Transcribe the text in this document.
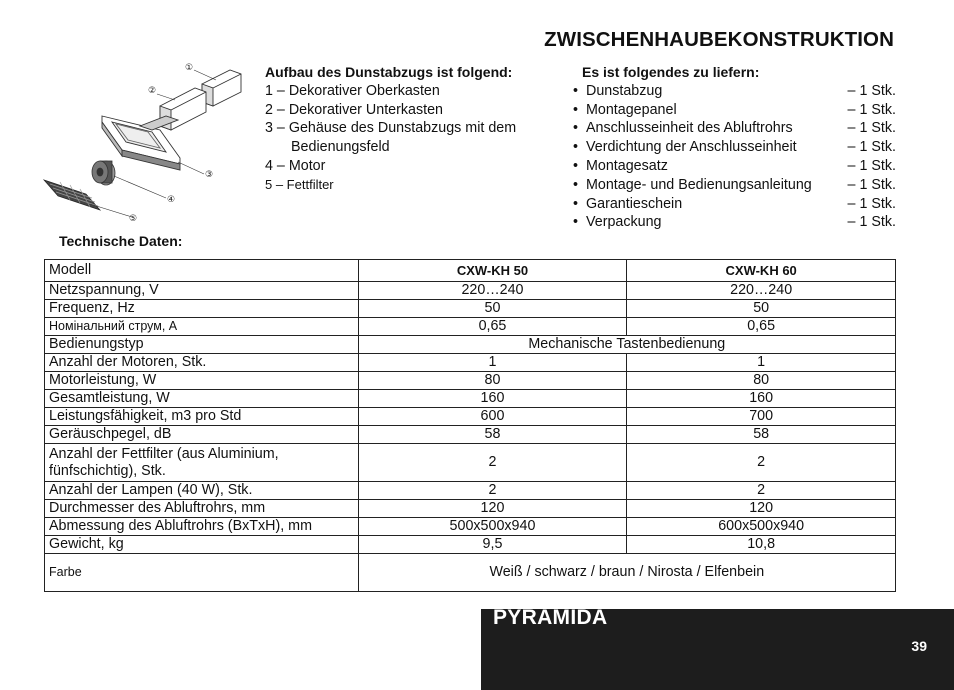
ZWISCHENHAUBEKONSTRUKTION
①
②
③
④
⑤
Aufbau des Dunstabzugs ist folgend:
1 – Dekorativer Oberkasten
2 – Dekorativer Unterkasten
3 – Gehäuse des Dunstabzugs mit dem
Bedienungsfeld
4 – Motor
5 – Fettfilter
Es ist folgendes zu liefern:
• Dunstabzug	– 1 Stk.
• Montagepanel	– 1 Stk.
• Anschlusseinheit des Abluftrohrs	– 1 Stk.
• Verdichtung der Anschlusseinheit	– 1 Stk.
• Montagesatz	– 1 Stk.
• Montage- und Bedienungsanleitung	– 1 Stk.
• Garantieschein	– 1 Stk.
• Verpackung	– 1 Stk.
Technische Daten:
Modell	CXW-KH 50	CXW-KH 60
Netzspannung, V	220…240	220…240
Frequenz, Hz	50	50
Номінальний струм, А	0,65	0,65
Bedienungstyp	Mechanische Tastenbedienung	
Anzahl der Motoren, Stk.	1	1
Motorleistung, W	80	80
Gesamtleistung, W	160	160
Leistungsfähigkeit, m3 pro Std	600	700
Geräuschpegel, dB	58	58

Anzahl der Fettfilter (aus Aluminium,
fünfschichtig), Stk.	2	2
Anzahl der Lampen (40 W), Stk.	2	2
Durchmesser des Abluftrohrs, mm	120	120
Abmessung des Abluftrohrs (BxTxH), mm	500x500x940	600x500x940
Gewicht, kg	9,5	10,8
Farbe	Weiß / schwarz / braun / Nirosta / Elfenbein	
PYRAMIDA
39
